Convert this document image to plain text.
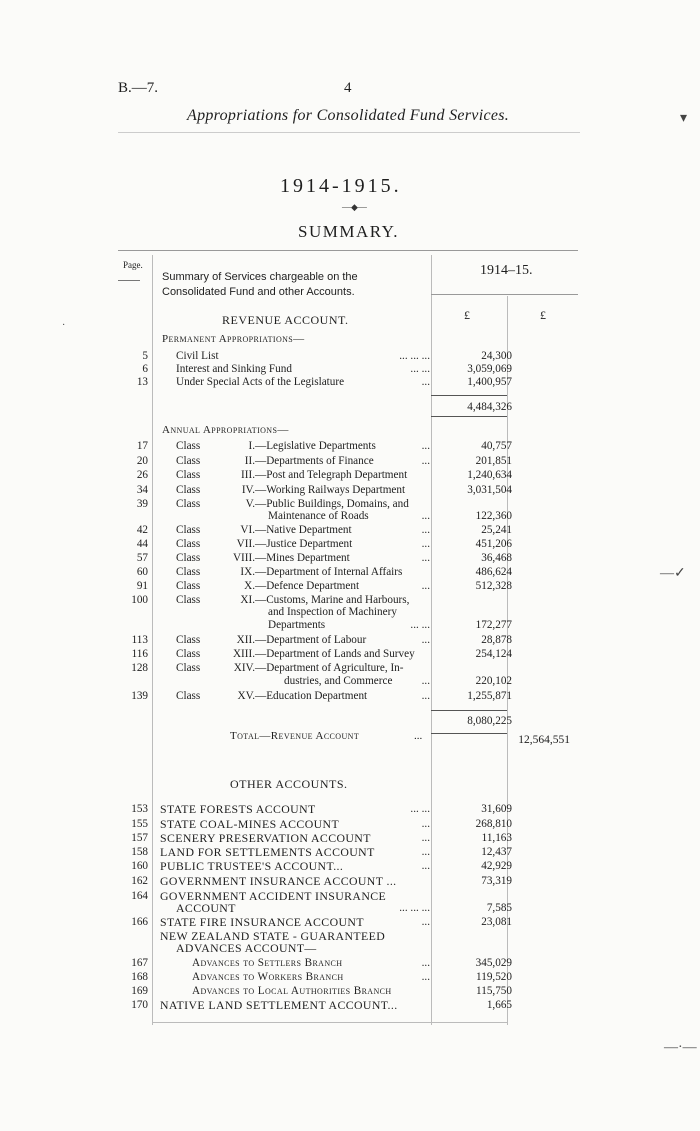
B.—7.	4
Appropriations for Consolidated Fund Services.	▾
1914-1915.
—◆—
SUMMARY.
Page.
Summary of Services chargeable on the Consolidated Fund and other Accounts.
1914–15.
£	£
REVENUE ACCOUNT.
Permanent Appropriations—
5	Civil List	... ... ...	24,300
6	Interest and Sinking Fund	... ...	3,059,069
13	Under Special Acts of the Legislature	...	1,400,957
4,484,326
Annual Appropriations—
17	Class	I. —Legislative Departments	...	40,757
20	Class	II. —Departments of Finance	...	201,851
26	Class	III. —Post and Telegraph Department	1,240,634
34	Class	IV. —Working Railways Department	3,031,504
39	Class	V. —Public Buildings, Domains, and
Maintenance of Roads	...	122,360
42	Class	VI. —Native Department	...	25,241
44	Class	VII. —Justice Department	...	451,206
57	Class	VIII. —Mines Department	...	36,468
60	Class	IX. —Department of Internal Affairs	486,624
91	Class	X. —Defence Department	...	512,328
100	Class	XI. —Customs, Marine and Harbours,
and Inspection of Machinery
Departments	... ...	172,277
113	Class	XII. —Department of Labour	...	28,878
116	Class	XIII. —Department of Lands and Survey	254,124
128	Class	XIV. —Department of Agriculture, In-
dustries, and Commerce	...	220,102
139	Class	XV. —Education Department	...	1,255,871
8,080,225
Total—Revenue Account	...	12,564,551
OTHER ACCOUNTS.
153 STATE FORESTS ACCOUNT	... ...	31,609
155 STATE COAL-MINES ACCOUNT	...	268,810
157 SCENERY PRESERVATION ACCOUNT	...	11,163
158 LAND FOR SETTLEMENTS ACCOUNT	...	12,437
160 PUBLIC TRUSTEE'S ACCOUNT...	...	42,929
162 GOVERNMENT INSURANCE ACCOUNT ...	73,319
164 GOVERNMENT ACCIDENT INSURANCE
ACCOUNT	... ... ...	7,585
166 STATE FIRE INSURANCE ACCOUNT	...	23,081
NEW ZEALAND STATE - GUARANTEED
ADVANCES ACCOUNT—
167	Advances to Settlers Branch	...	345,029
168	Advances to Workers Branch	...	119,520
169	Advances to Local Authorities Branch	115,750
170 NATIVE LAND SETTLEMENT ACCOUNT...	1,665
—✓
—·—
·
